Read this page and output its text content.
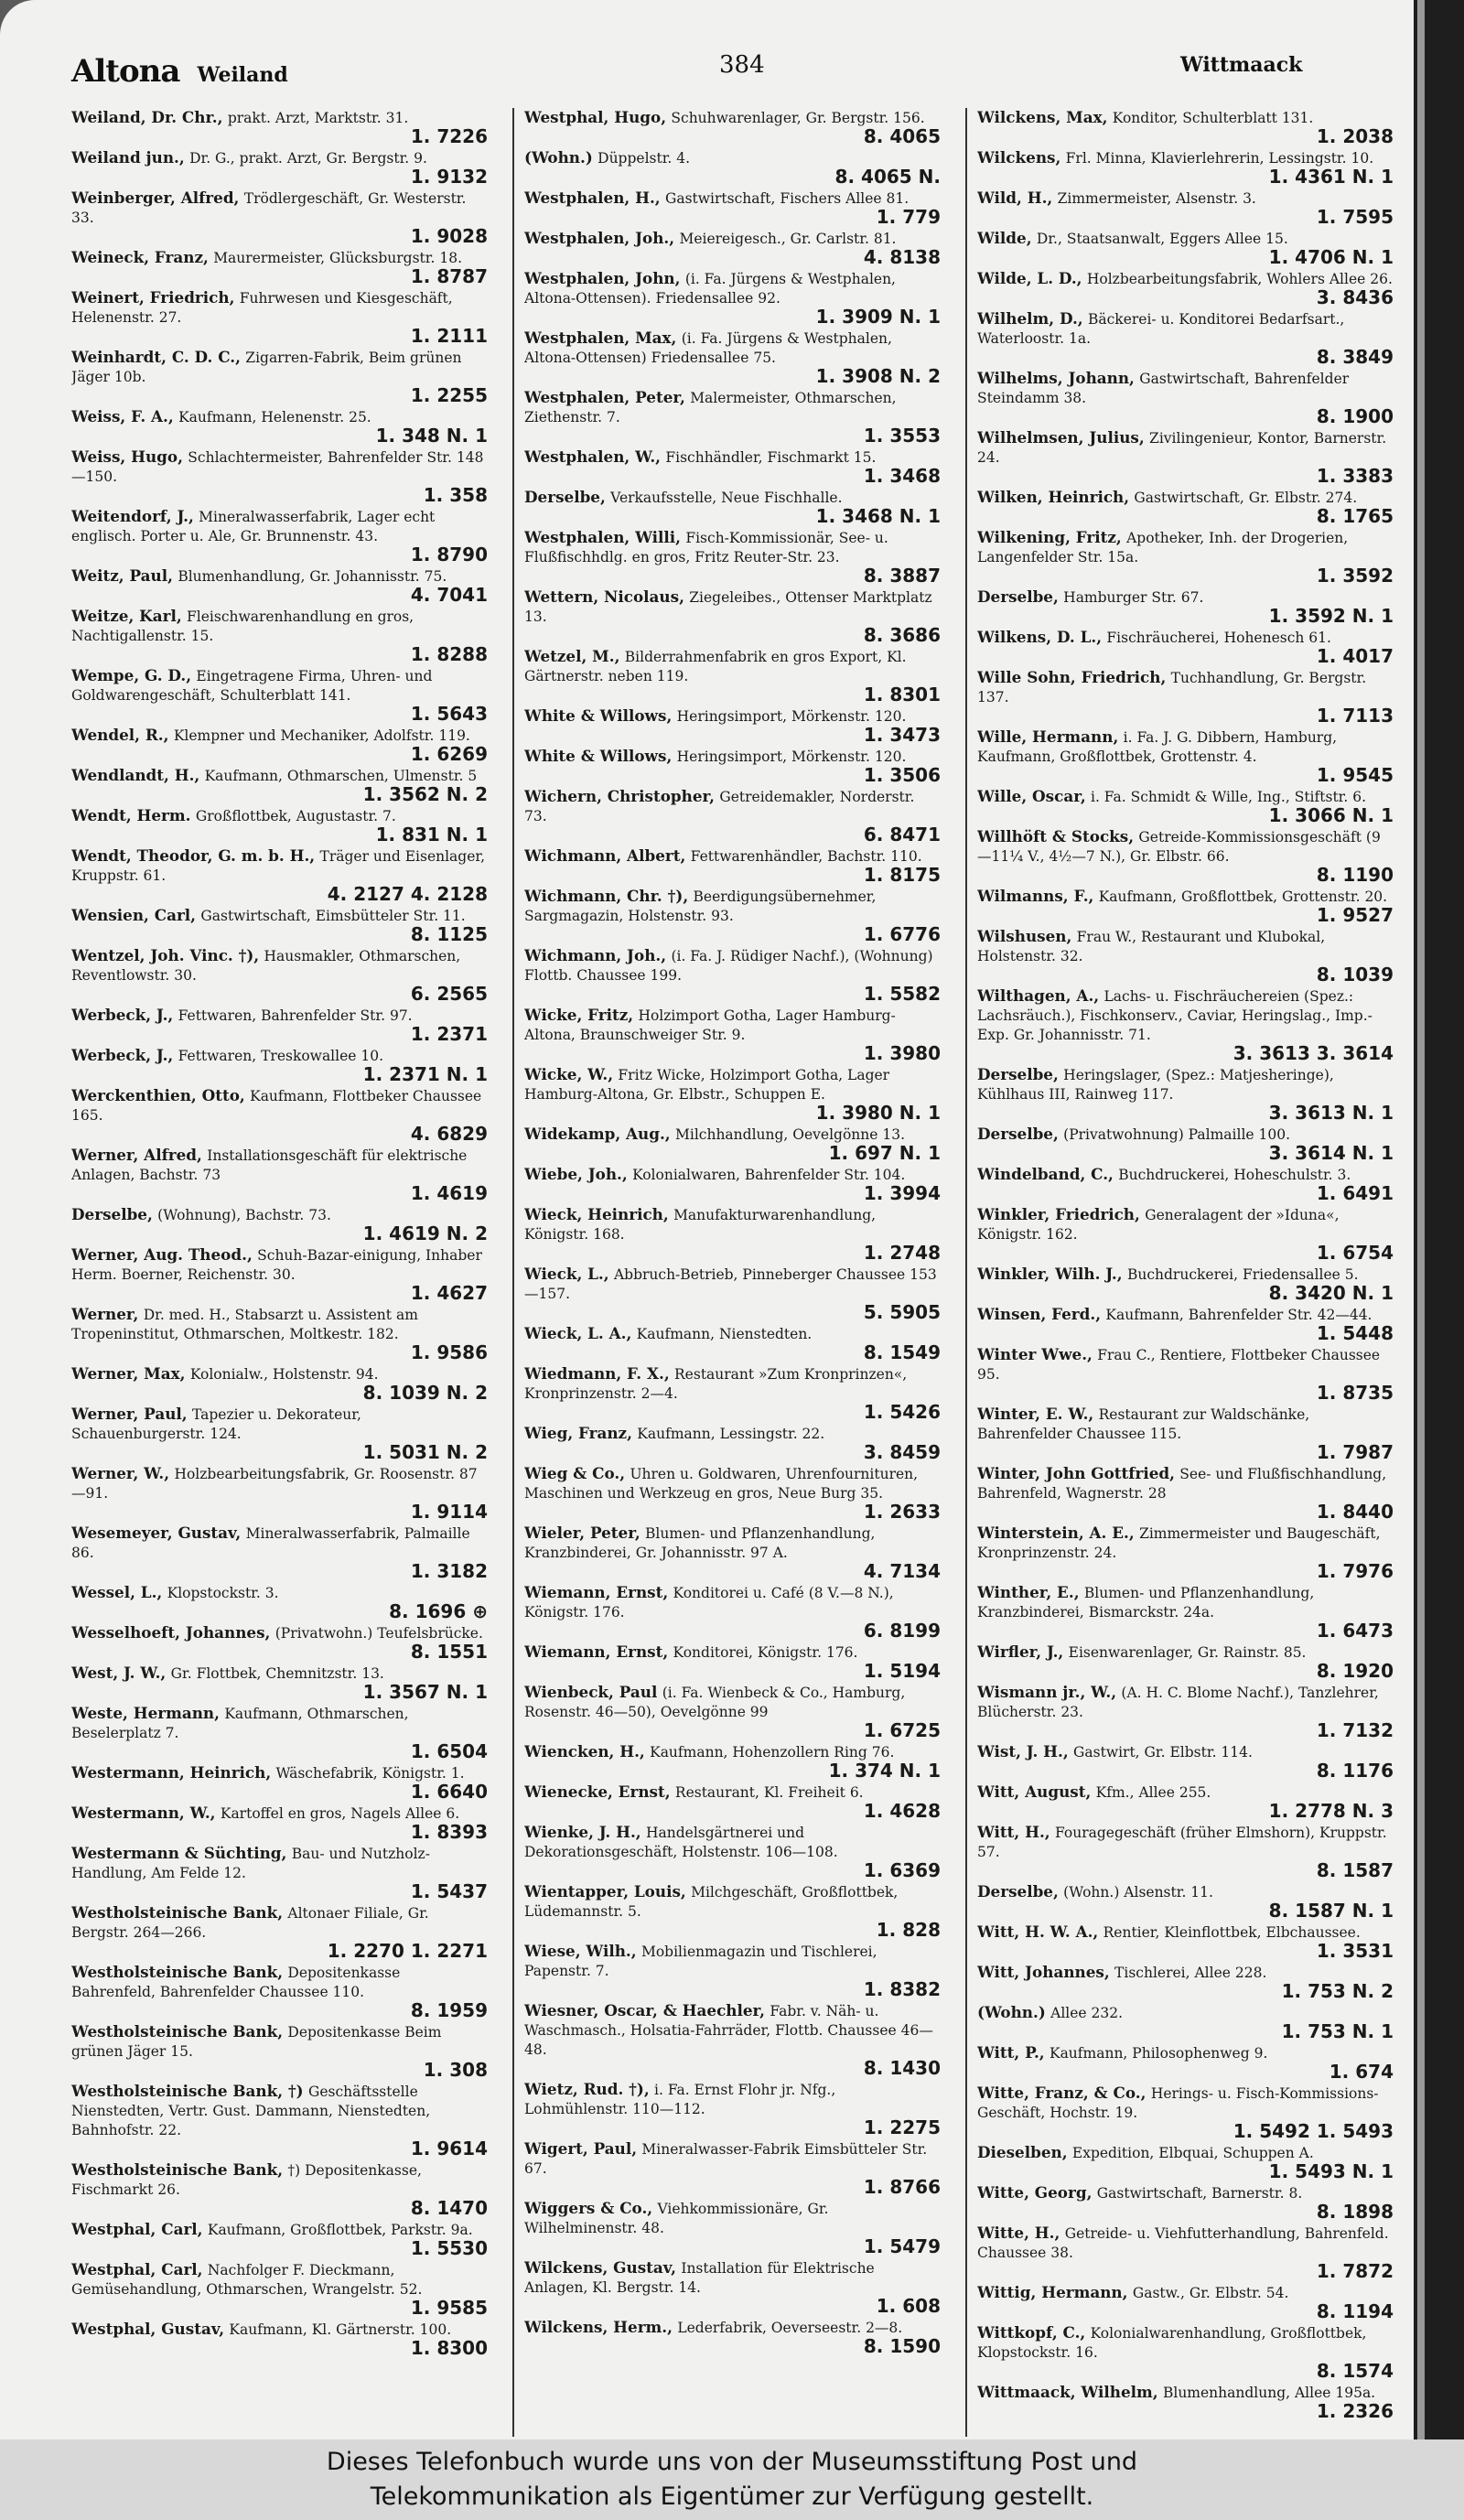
Altona Weiland	384	Wittmaack
Weiland, Dr. Chr., prakt. Arzt, Marktstr. 31.
1. 7226
Weiland jun., Dr. G., prakt. Arzt, Gr. Bergstr. 9.
1. 9132
Weinberger, Alfred, Trödlergeschäft, Gr. Westerstr. 33.
1. 9028
Weineck, Franz, Maurermeister, Glücksburgstr. 18.
1. 8787
Weinert, Friedrich, Fuhrwesen und Kiesgeschäft, Helenenstr. 27.
1. 2111
Weinhardt, C. D. C., Zigarren-Fabrik, Beim grünen Jäger 10b.
1. 2255
Weiss, F. A., Kaufmann, Helenenstr. 25.
1. 348 N. 1
Weiss, Hugo, Schlachtermeister, Bahrenfelder Str. 148—150.
1. 358
Weitendorf, J., Mineralwasserfabrik, Lager echt englisch. Porter u. Ale, Gr. Brunnenstr. 43.
1. 8790
Weitz, Paul, Blumenhandlung, Gr. Johannisstr. 75.
4. 7041
Weitze, Karl, Fleischwarenhandlung en gros, Nachtigallenstr. 15.
1. 8288
Wempe, G. D., Eingetragene Firma, Uhren- und Goldwarengeschäft, Schulterblatt 141.
1. 5643
Wendel, R., Klempner und Mechaniker, Adolfstr. 119.
1. 6269
Wendlandt, H., Kaufmann, Othmarschen, Ulmenstr. 5
1. 3562 N. 2
Wendt, Herm. Großflottbek, Augustastr. 7.
1. 831 N. 1
Wendt, Theodor, G. m. b. H., Träger und Eisenlager, Kruppstr. 61.
4. 2127 4. 2128
Wensien, Carl, Gastwirtschaft, Eimsbütteler Str. 11.
8. 1125
Wentzel, Joh. Vinc. †), Hausmakler, Othmarschen, Reventlowstr. 30.
6. 2565
Werbeck, J., Fettwaren, Bahrenfelder Str. 97.
1. 2371
Werbeck, J., Fettwaren, Treskowallee 10.
1. 2371 N. 1
Werckenthien, Otto, Kaufmann, Flottbeker Chaussee 165.
4. 6829
Werner, Alfred, Installationsgeschäft für elektrische Anlagen, Bachstr. 73
1. 4619
Derselbe, (Wohnung), Bachstr. 73.
1. 4619 N. 2
Werner, Aug. Theod., Schuh-Bazar-einigung, Inhaber Herm. Boerner, Reichenstr. 30.
1. 4627
Werner, Dr. med. H., Stabsarzt u. Assistent am Tropeninstitut, Othmarschen, Moltkestr. 182.
1. 9586
Werner, Max, Kolonialw., Holstenstr. 94.
8. 1039 N. 2
Werner, Paul, Tapezier u. Dekorateur, Schauenburgerstr. 124.
1. 5031 N. 2
Werner, W., Holzbearbeitungsfabrik, Gr. Roosenstr. 87—91.
1. 9114
Wesemeyer, Gustav, Mineralwasserfabrik, Palmaille 86.
1. 3182
Wessel, L., Klopstockstr. 3.
8. 1696 ⊕
Wesselhoeft, Johannes, (Privatwohn.) Teufelsbrücke.
8. 1551
West, J. W., Gr. Flottbek, Chemnitzstr. 13.
1. 3567 N. 1
Weste, Hermann, Kaufmann, Othmarschen, Beselerplatz 7.
1. 6504
Westermann, Heinrich, Wäschefabrik, Königstr. 1.
1. 6640
Westermann, W., Kartoffel en gros, Nagels Allee 6.
1. 8393
Westermann & Süchting, Bau- und Nutzholz-Handlung, Am Felde 12.
1. 5437
Westholsteinische Bank, Altonaer Filiale, Gr. Bergstr. 264—266.
1. 2270 1. 2271
Westholsteinische Bank, Depositenkasse Bahrenfeld, Bahrenfelder Chaussee 110.
8. 1959
Westholsteinische Bank, Depositenkasse Beim grünen Jäger 15.
1. 308
Westholsteinische Bank, †) Geschäftsstelle Nienstedten, Vertr. Gust. Dammann, Nienstedten, Bahnhofstr. 22.
1. 9614
Westholsteinische Bank, †) Depositenkasse, Fischmarkt 26.
8. 1470
Westphal, Carl, Kaufmann, Großflottbek, Parkstr. 9a.
1. 5530
Westphal, Carl, Nachfolger F. Dieckmann, Gemüsehandlung, Othmarschen, Wrangelstr. 52.
1. 9585
Westphal, Gustav, Kaufmann, Kl. Gärtnerstr. 100.
1. 8300
Westphal, Hugo, Schuhwarenlager, Gr. Bergstr. 156.
8. 4065
(Wohn.) Düppelstr. 4.
8. 4065 N.
Westphalen, H., Gastwirtschaft, Fischers Allee 81.
1. 779
Westphalen, Joh., Meiereigesch., Gr. Carlstr. 81.
4. 8138
Westphalen, John, (i. Fa. Jürgens & Westphalen, Altona-Ottensen). Friedensallee 92.
1. 3909 N. 1
Westphalen, Max, (i. Fa. Jürgens & Westphalen, Altona-Ottensen) Friedensallee 75.
1. 3908 N. 2
Westphalen, Peter, Malermeister, Othmarschen, Ziethenstr. 7.
1. 3553
Westphalen, W., Fischhändler, Fischmarkt 15.
1. 3468
Derselbe, Verkaufsstelle, Neue Fischhalle.
1. 3468 N. 1
Westphalen, Willi, Fisch-Kommissionär, See- u. Flußfischhdlg. en gros, Fritz Reuter-Str. 23.
8. 3887
Wettern, Nicolaus, Ziegeleibes., Ottenser Marktplatz 13.
8. 3686
Wetzel, M., Bilderrahmenfabrik en gros Export, Kl. Gärtnerstr. neben 119.
1. 8301
White & Willows, Heringsimport, Mörkenstr. 120.
1. 3473
White & Willows, Heringsimport, Mörkenstr. 120.
1. 3506
Wichern, Christopher, Getreidemakler, Norderstr. 73.
6. 8471
Wichmann, Albert, Fettwarenhändler, Bachstr. 110.
1. 8175
Wichmann, Chr. †), Beerdigungsübernehmer, Sargmagazin, Holstenstr. 93.
1. 6776
Wichmann, Joh., (i. Fa. J. Rüdiger Nachf.), (Wohnung) Flottb. Chaussee 199.
1. 5582
Wicke, Fritz, Holzimport Gotha, Lager Hamburg-Altona, Braunschweiger Str. 9.
1. 3980
Wicke, W., Fritz Wicke, Holzimport Gotha, Lager Hamburg-Altona, Gr. Elbstr., Schuppen E.
1. 3980 N. 1
Widekamp, Aug., Milchhandlung, Oevelgönne 13.
1. 697 N. 1
Wiebe, Joh., Kolonialwaren, Bahrenfelder Str. 104.
1. 3994
Wieck, Heinrich, Manufakturwarenhandlung, Königstr. 168.
1. 2748
Wieck, L., Abbruch-Betrieb, Pinneberger Chaussee 153—157.
5. 5905
Wieck, L. A., Kaufmann, Nienstedten.
8. 1549
Wiedmann, F. X., Restaurant »Zum Kronprinzen«, Kronprinzenstr. 2—4.
1. 5426
Wieg, Franz, Kaufmann, Lessingstr. 22.
3. 8459
Wieg & Co., Uhren u. Goldwaren, Uhrenfournituren, Maschinen und Werkzeug en gros, Neue Burg 35.
1. 2633
Wieler, Peter, Blumen- und Pflanzenhandlung, Kranzbinderei, Gr. Johannisstr. 97 A.
4. 7134
Wiemann, Ernst, Konditorei u. Café (8 V.—8 N.), Königstr. 176.
6. 8199
Wiemann, Ernst, Konditorei, Königstr. 176.
1. 5194
Wienbeck, Paul (i. Fa. Wienbeck & Co., Hamburg, Rosenstr. 46—50), Oevelgönne 99
1. 6725
Wiencken, H., Kaufmann, Hohenzollern Ring 76.
1. 374 N. 1
Wienecke, Ernst, Restaurant, Kl. Freiheit 6.
1. 4628
Wienke, J. H., Handelsgärtnerei und Dekorationsgeschäft, Holstenstr. 106—108.
1. 6369
Wientapper, Louis, Milchgeschäft, Großflottbek, Lüdemannstr. 5.
1. 828
Wiese, Wilh., Mobilienmagazin und Tischlerei, Papenstr. 7.
1. 8382
Wiesner, Oscar, & Haechler, Fabr. v. Näh- u. Waschmasch., Holsatia-Fahrräder, Flottb. Chaussee 46—48.
8. 1430
Wietz, Rud. †), i. Fa. Ernst Flohr jr. Nfg., Lohmühlenstr. 110—112.
1. 2275
Wigert, Paul, Mineralwasser-Fabrik Eimsbütteler Str. 67.
1. 8766
Wiggers & Co., Viehkommissionäre, Gr. Wilhelminenstr. 48.
1. 5479
Wilckens, Gustav, Installation für Elektrische Anlagen, Kl. Bergstr. 14.
1. 608
Wilckens, Herm., Lederfabrik, Oeverseestr. 2—8.
8. 1590
Wilckens, Max, Konditor, Schulterblatt 131.
1. 2038
Wilckens, Frl. Minna, Klavierlehrerin, Lessingstr. 10.
1. 4361 N. 1
Wild, H., Zimmermeister, Alsenstr. 3.
1. 7595
Wilde, Dr., Staatsanwalt, Eggers Allee 15.
1. 4706 N. 1
Wilde, L. D., Holzbearbeitungsfabrik, Wohlers Allee 26.
3. 8436
Wilhelm, D., Bäckerei- u. Konditorei Bedarfsart., Waterloostr. 1a.
8. 3849
Wilhelms, Johann, Gastwirtschaft, Bahrenfelder Steindamm 38.
8. 1900
Wilhelmsen, Julius, Zivilingenieur, Kontor, Barnerstr. 24.
1. 3383
Wilken, Heinrich, Gastwirtschaft, Gr. Elbstr. 274.
8. 1765
Wilkening, Fritz, Apotheker, Inh. der Drogerien, Langenfelder Str. 15a.
1. 3592
Derselbe, Hamburger Str. 67.
1. 3592 N. 1
Wilkens, D. L., Fischräucherei, Hohenesch 61.
1. 4017
Wille Sohn, Friedrich, Tuchhandlung, Gr. Bergstr. 137.
1. 7113
Wille, Hermann, i. Fa. J. G. Dibbern, Hamburg, Kaufmann, Großflottbek, Grottenstr. 4.
1. 9545
Wille, Oscar, i. Fa. Schmidt & Wille, Ing., Stiftstr. 6.
1. 3066 N. 1
Willhöft & Stocks, Getreide-Kommissionsgeschäft (9—11¼ V., 4½—7 N.), Gr. Elbstr. 66.
8. 1190
Wilmanns, F., Kaufmann, Großflottbek, Grottenstr. 20.
1. 9527
Wilshusen, Frau W., Restaurant und Klubokal, Holstenstr. 32.
8. 1039
Wilthagen, A., Lachs- u. Fischräuchereien (Spez.: Lachsräuch.), Fischkonserv., Caviar, Heringslag., Imp.-Exp. Gr. Johannisstr. 71.
3. 3613 3. 3614
Derselbe, Heringslager, (Spez.: Matjesheringe), Kühlhaus III, Rainweg 117.
3. 3613 N. 1
Derselbe, (Privatwohnung) Palmaille 100.
3. 3614 N. 1
Windelband, C., Buchdruckerei, Hoheschulstr. 3.
1. 6491
Winkler, Friedrich, Generalagent der »Iduna«, Königstr. 162.
1. 6754
Winkler, Wilh. J., Buchdruckerei, Friedensallee 5.
8. 3420 N. 1
Winsen, Ferd., Kaufmann, Bahrenfelder Str. 42—44.
1. 5448
Winter Wwe., Frau C., Rentiere, Flottbeker Chaussee 95.
1. 8735
Winter, E. W., Restaurant zur Waldschänke, Bahrenfelder Chaussee 115.
1. 7987
Winter, John Gottfried, See- und Flußfischhandlung, Bahrenfeld, Wagnerstr. 28
1. 8440
Winterstein, A. E., Zimmermeister und Baugeschäft, Kronprinzenstr. 24.
1. 7976
Winther, E., Blumen- und Pflanzenhandlung, Kranzbinderei, Bismarckstr. 24a.
1. 6473
Wirfler, J., Eisenwarenlager, Gr. Rainstr. 85.
8. 1920
Wismann jr., W., (A. H. C. Blome Nachf.), Tanzlehrer, Blücherstr. 23.
1. 7132
Wist, J. H., Gastwirt, Gr. Elbstr. 114.
8. 1176
Witt, August, Kfm., Allee 255.
1. 2778 N. 3
Witt, H., Fouragegeschäft (früher Elmshorn), Kruppstr. 57.
8. 1587
Derselbe, (Wohn.) Alsenstr. 11.
8. 1587 N. 1
Witt, H. W. A., Rentier, Kleinflottbek, Elbchaussee.
1. 3531
Witt, Johannes, Tischlerei, Allee 228.
1. 753 N. 2
(Wohn.) Allee 232.
1. 753 N. 1
Witt, P., Kaufmann, Philosophenweg 9.
1. 674
Witte, Franz, & Co., Herings- u. Fisch-Kommissions-Geschäft, Hochstr. 19.
1. 5492 1. 5493
Dieselben, Expedition, Elbquai, Schuppen A.
1. 5493 N. 1
Witte, Georg, Gastwirtschaft, Barnerstr. 8.
8. 1898
Witte, H., Getreide- u. Viehfutterhandlung, Bahrenfeld. Chaussee 38.
1. 7872
Wittig, Hermann, Gastw., Gr. Elbstr. 54.
8. 1194
Wittkopf, C., Kolonialwarenhandlung, Großflottbek, Klopstockstr. 16.
8. 1574
Wittmaack, Wilhelm, Blumenhandlung, Allee 195a.
1. 2326
Dieses Telefonbuch wurde uns von der Museumsstiftung Post und
Telekommunikation als Eigentümer zur Verfügung gestellt.
